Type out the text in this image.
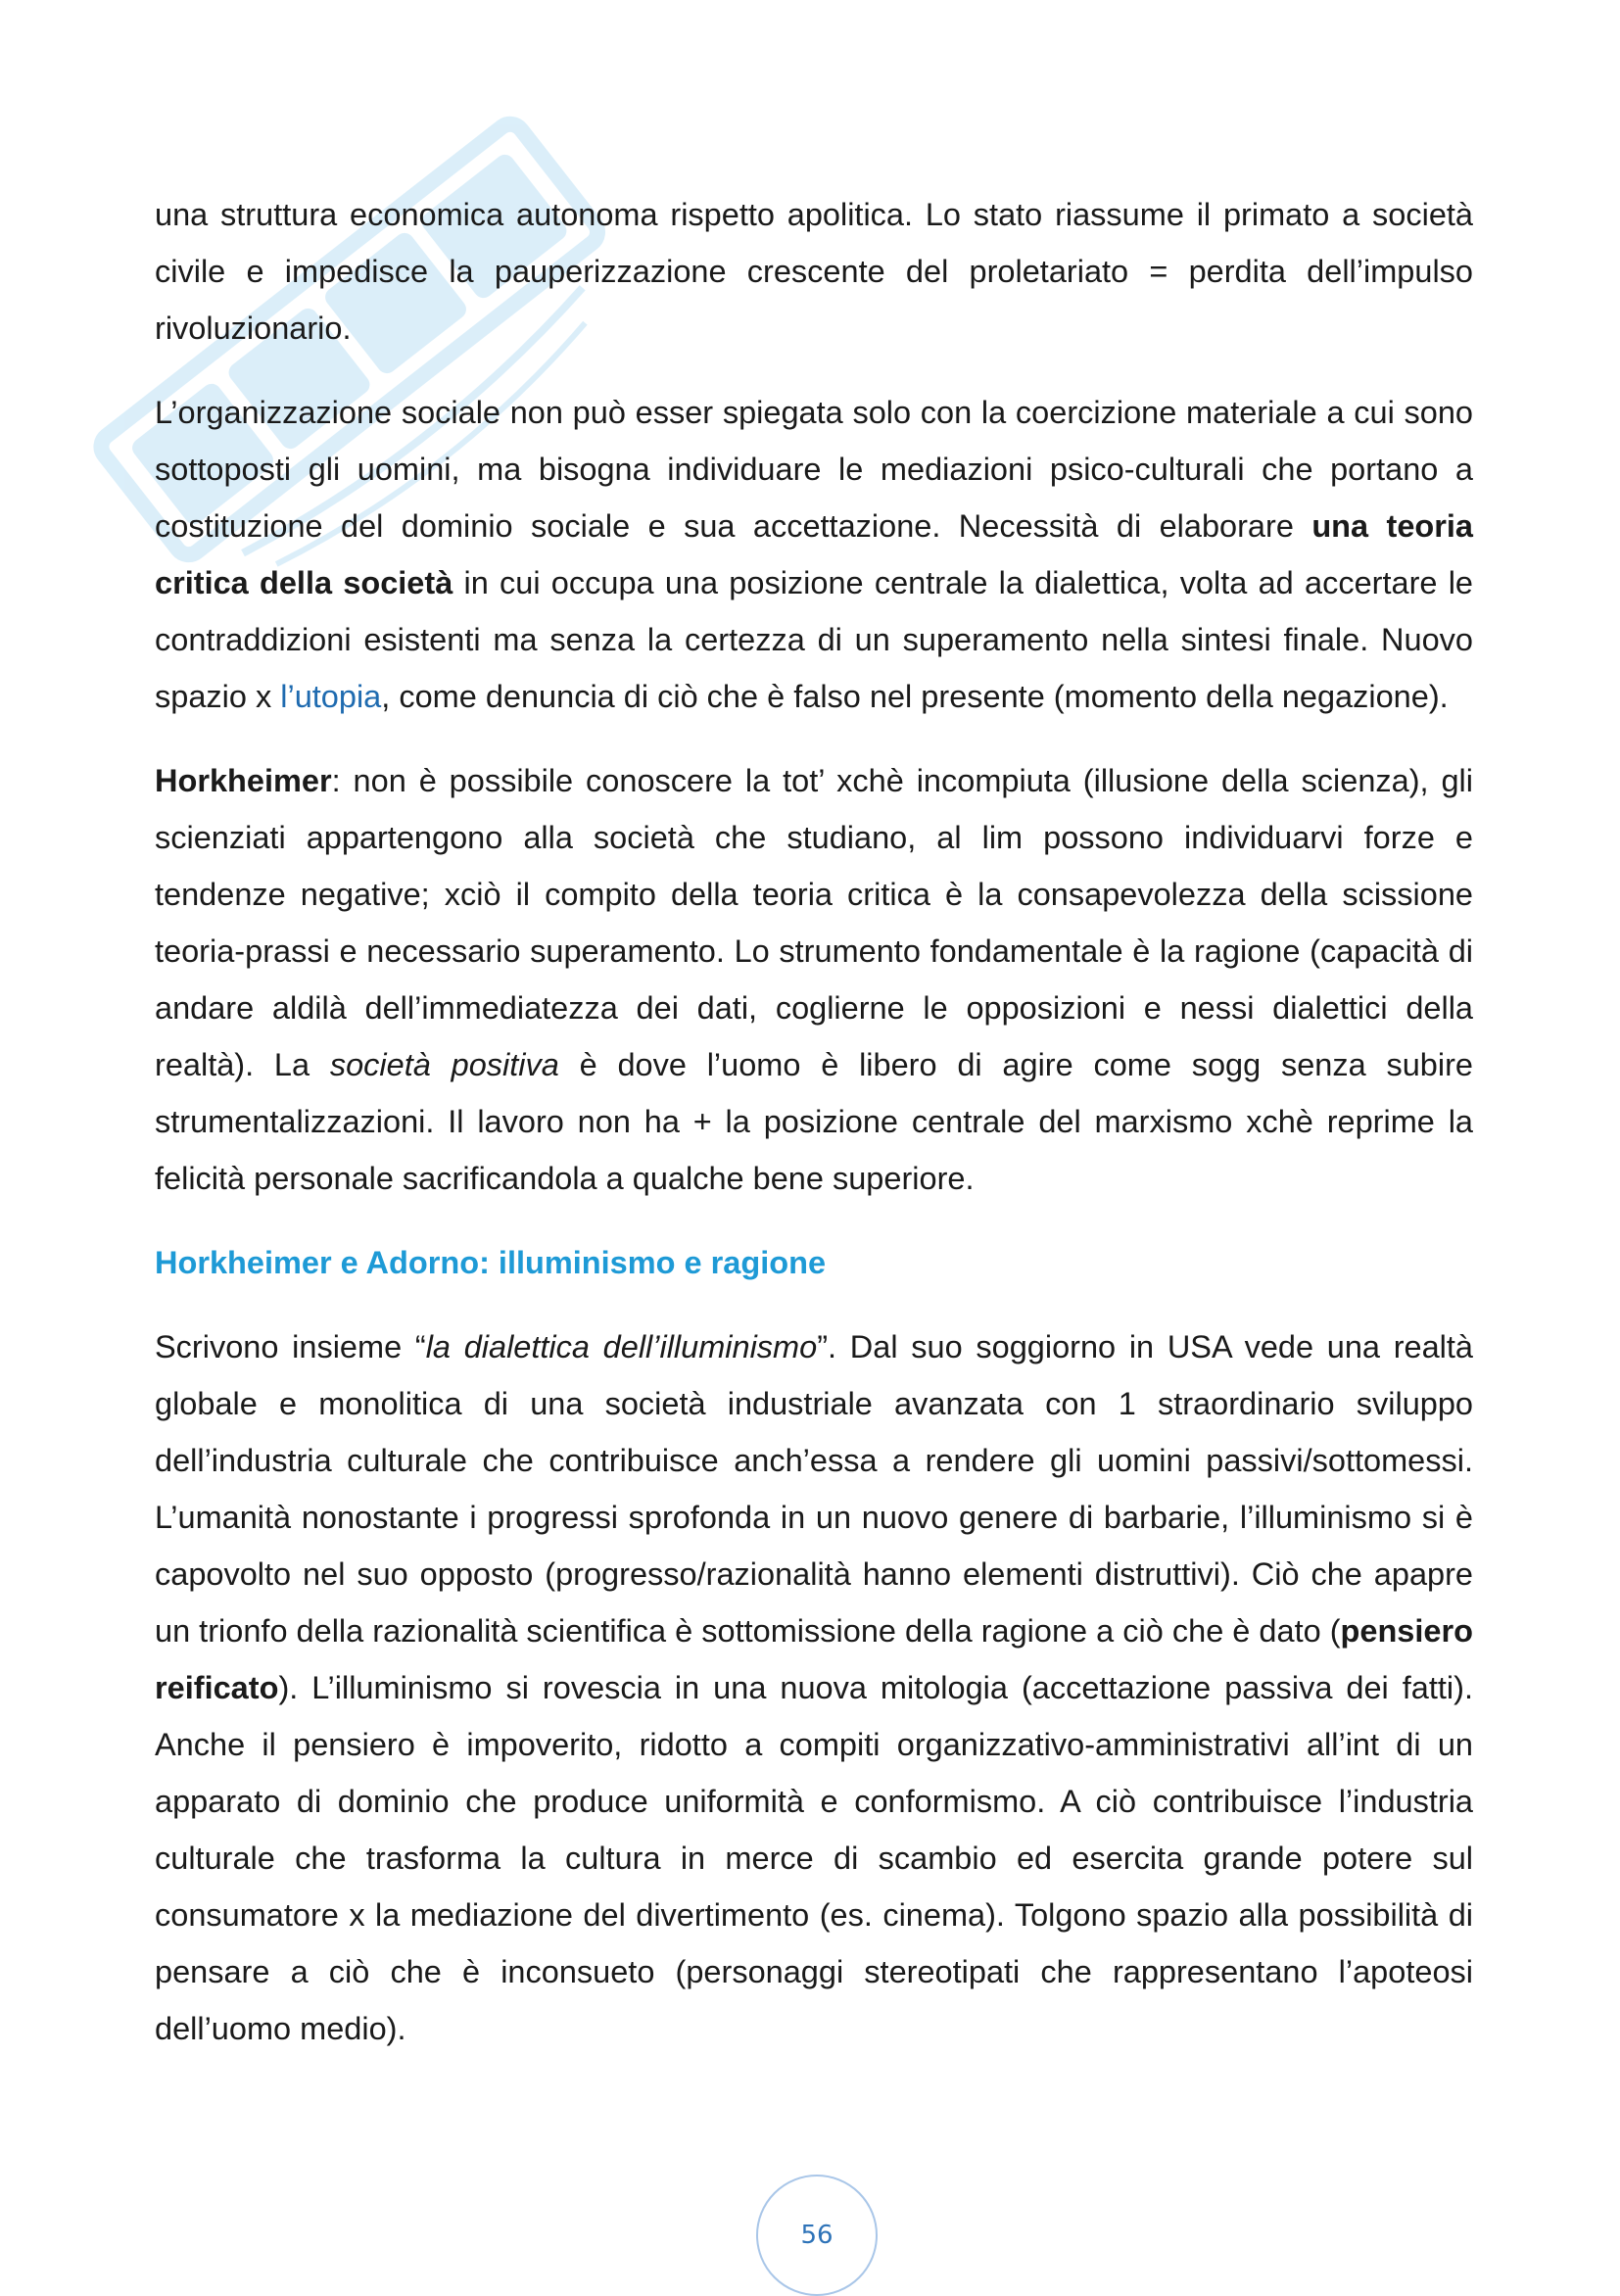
una struttura economica autonoma rispetto apolitica. Lo stato riassume il primato a società civile e impedisce la pauperizzazione crescente del proletariato = perdita dell’impulso rivoluzionario.

L’organizzazione sociale non può esser spiegata solo con la coercizione materiale a cui sono sottoposti gli uomini, ma bisogna individuare le mediazioni psico-culturali che portano a costituzione del dominio sociale e sua accettazione. Necessità di elaborare una teoria critica della società in cui occupa una posizione centrale la dialettica, volta ad accertare le contraddizioni esistenti ma senza la certezza di un superamento nella sintesi finale. Nuovo spazio x l’utopia, come denuncia di ciò che è falso nel presente (momento della negazione).

Horkheimer: non è possibile conoscere la tot’ xchè incompiuta (illusione della scienza), gli scienziati appartengono alla società che studiano, al lim possono individuarvi forze e tendenze negative; xciò il compito della teoria critica è la consapevolezza della scissione teoria-prassi e necessario superamento. Lo strumento fondamentale è la ragione (capacità di andare aldilà dell’immediatezza dei dati, coglierne le opposizioni e nessi dialettici della realtà). La società positiva è dove l’uomo è libero di agire come sogg senza subire strumentalizzazioni. Il lavoro non ha + la posizione centrale del marxismo xchè reprime la felicità personale sacrificandola a qualche bene superiore.

Horkheimer e Adorno: illuminismo e ragione

Scrivono insieme “la dialettica dell’illuminismo”. Dal suo soggiorno in USA vede una realtà globale e monolitica di una società industriale avanzata con 1 straordinario sviluppo dell’industria culturale che contribuisce anch’essa a rendere gli uomini passivi/sottomessi. L’umanità nonostante i progressi sprofonda in un nuovo genere di barbarie, l’illuminismo si è capovolto nel suo opposto (progresso/razionalità hanno elementi distruttivi). Ciò che apapre un trionfo della razionalità scientifica è sottomissione della ragione a ciò che è dato (pensiero reificato). L’illuminismo si rovescia in una nuova mitologia (accettazione passiva dei fatti). Anche il pensiero è impoverito, ridotto a compiti organizzativo-amministrativi all’int di un apparato di dominio che produce uniformità e conformismo. A ciò contribuisce l’industria culturale che trasforma la cultura in merce di scambio ed esercita grande potere sul consumatore x la mediazione del divertimento (es. cinema). Tolgono spazio alla possibilità di pensare a ciò che è inconsueto (personaggi stereotipati che rappresentano l’apoteosi dell’uomo medio).

56
